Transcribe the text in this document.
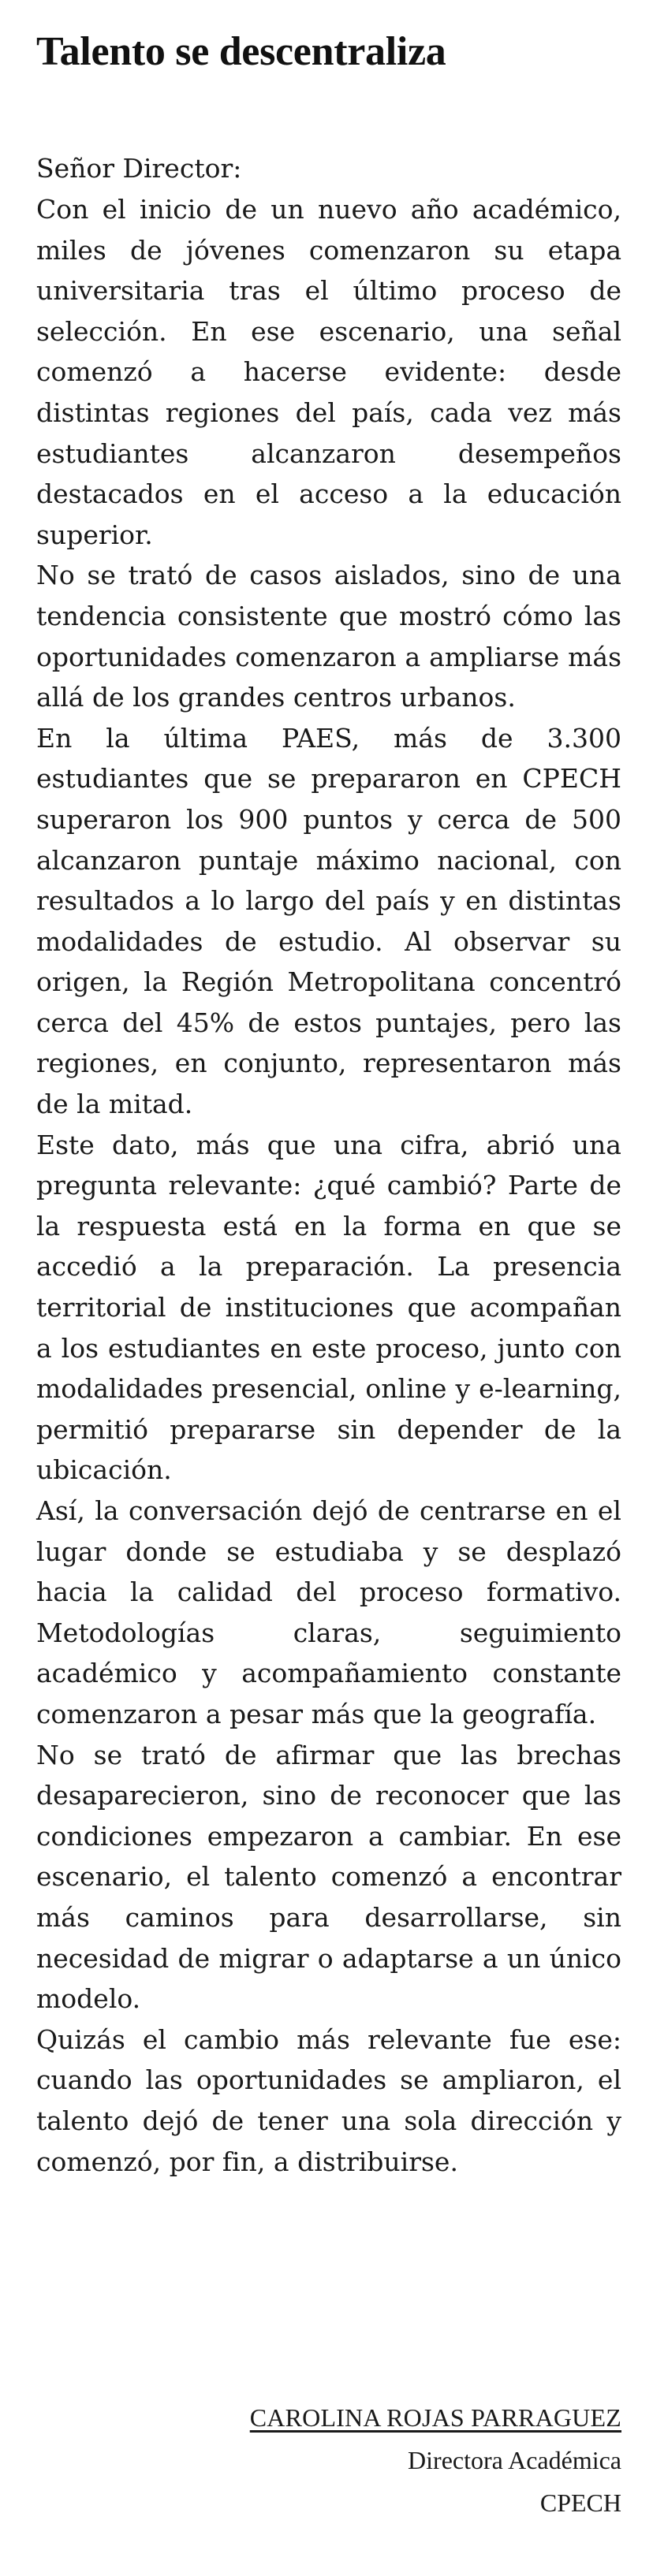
Talento se descentraliza

Señor Director:

Con el inicio de un nuevo año académico, miles de jóvenes comenzaron su etapa universitaria tras el último proceso de selección. En ese escenario, una señal comenzó a hacerse evidente: desde distintas regiones del país, cada vez más estudiantes alcanzaron desempeños destacados en el acceso a la educación superior.

No se trató de casos aislados, sino de una tendencia consistente que mostró cómo las oportunidades comenzaron a ampliarse más allá de los grandes centros urbanos.

En la última PAES, más de 3.300 estudiantes que se prepararon en CPECH superaron los 900 puntos y cerca de 500 alcanzaron puntaje máximo nacional, con resultados a lo largo del país y en distintas modalidades de estudio. Al observar su origen, la Región Metropolitana concentró cerca del 45% de estos puntajes, pero las regiones, en conjunto, representaron más de la mitad.

Este dato, más que una cifra, abrió una pregunta relevante: ¿qué cambió? Parte de la respuesta está en la forma en que se accedió a la preparación. La presencia territorial de instituciones que acompañan a los estudiantes en este proceso, junto con modalidades presencial, online y e-learning, permitió prepararse sin depender de la ubicación.

Así, la conversación dejó de centrarse en el lugar donde se estudiaba y se desplazó hacia la calidad del proceso formativo. Metodologías claras, seguimiento académico y acompañamiento constante comenzaron a pesar más que la geografía.

No se trató de afirmar que las brechas desaparecieron, sino de reconocer que las condiciones empezaron a cambiar. En ese escenario, el talento comenzó a encontrar más caminos para desarrollarse, sin necesidad de migrar o adaptarse a un único modelo.

Quizás el cambio más relevante fue ese: cuando las oportunidades se ampliaron, el talento dejó de tener una sola dirección y comenzó, por fin, a distribuirse.

CAROLINA ROJAS PARRAGUEZ
Directora Académica
CPECH
